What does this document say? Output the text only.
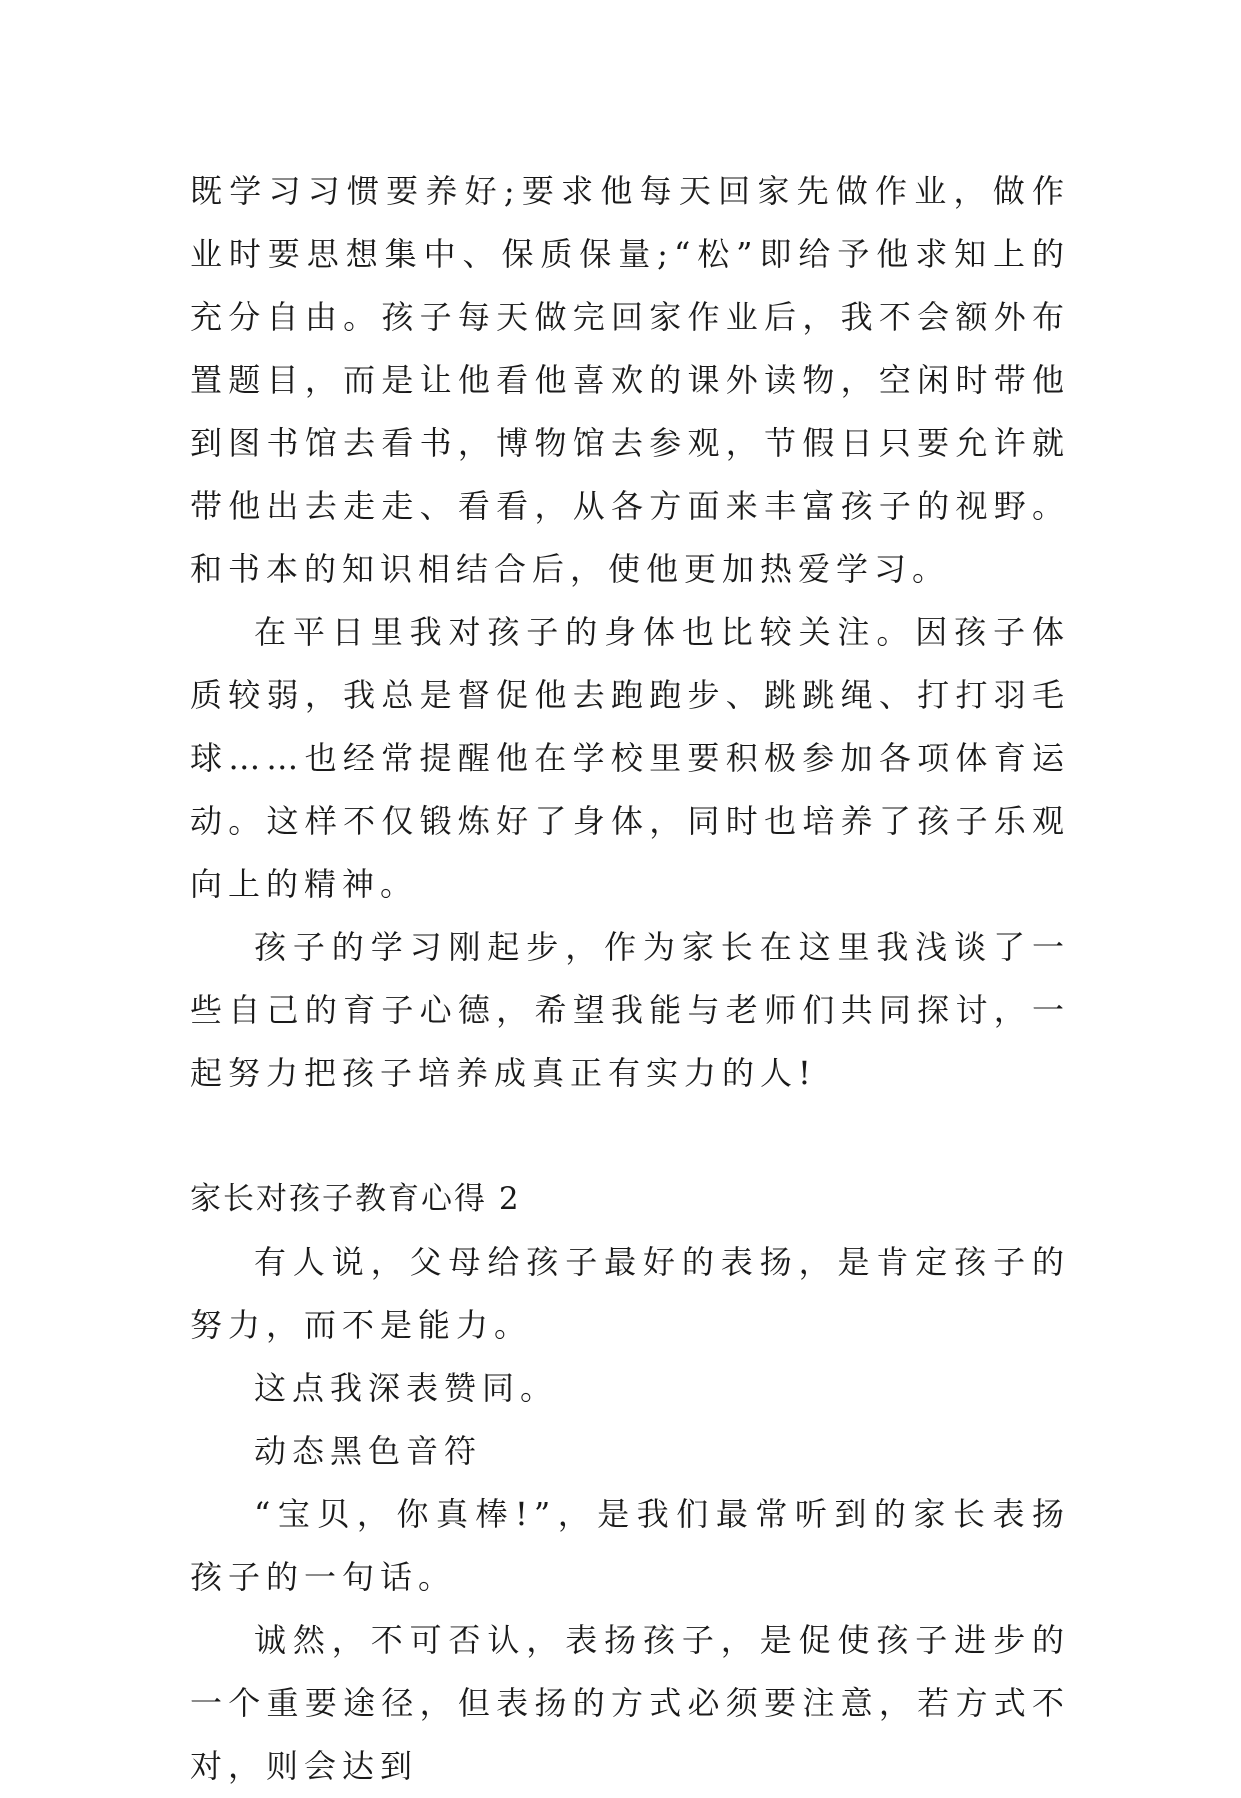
既学习习惯要养好;要求他每天回家先做作业，做作业时要思想集中、保质保量;“松”即给予他求知上的充分自由。孩子每天做完回家作业后，我不会额外布置题目，而是让他看他喜欢的课外读物，空闲时带他到图书馆去看书，博物馆去参观，节假日只要允许就带他出去走走、看看，从各方面来丰富孩子的视野。和书本的知识相结合后，使他更加热爱学习。

在平日里我对孩子的身体也比较关注。因孩子体质较弱，我总是督促他去跑跑步、跳跳绳、打打羽毛球……也经常提醒他在学校里要积极参加各项体育运动。这样不仅锻炼好了身体，同时也培养了孩子乐观向上的精神。

孩子的学习刚起步，作为家长在这里我浅谈了一些自己的育子心德，希望我能与老师们共同探讨，一起努力把孩子培养成真正有实力的人!

家长对孩子教育心得 2

有人说，父母给孩子最好的表扬，是肯定孩子的努力，而不是能力。

这点我深表赞同。

动态黑色音符

“宝贝，你真棒!”，是我们最常听到的家长表扬孩子的一句话。

诚然，不可否认，表扬孩子，是促使孩子进步的一个重要途径，但表扬的方式必须要注意，若方式不对，则会达到
